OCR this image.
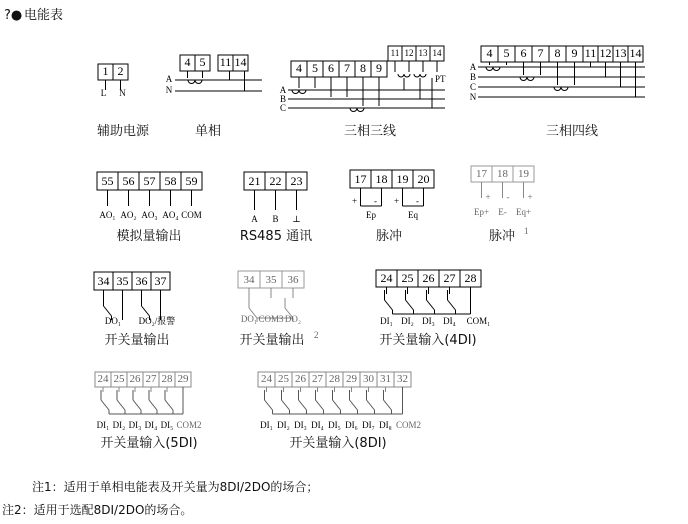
?● 电能表
1 2
L N
辅助电源
4 5 11 14
A
N
单相
4 5 6 7 8 9
11 12 13 14
A
B
C
PT
三相三线
4 5 6 7 8 9 11 12 13 14
A
B
C
N
三相四线
55 56 57 58 59
AO₁ AO₂ AO₃ AO₄ COM
模拟量输出
21 22 23
A B ⊥
RS485 通讯
17 18 19 20
+ - + -
Ep	Eq
脉冲
17 18 19
+ - +
Ep+ E- Eq+
脉冲 1
34 35 36 37
DO₁ DO₂/报警
开关量输出
34 35 36
DO₁ COM3 DO₂
开关量输出 2
24 25 26 27 28
DI₁ DI₂ DI₃ DI₄ COM₁
开关量输入(4DI)
24 25 26 27 28 29
DI₁ DI₂ DI₃ DI₄ DI₅ COM2
开关量输入(5DI)
24 25 26 27 28 29 30 31 32
DI₁ DI₂ DI₃ DI₄ DI₅ DI₆ DI₇ DI₈ COM2
开关量输入(8DI)
注1：适用于单相电能表及开关量为8DI/2DO的场合；
注2：适用于选配8DI/2DO的场合。
